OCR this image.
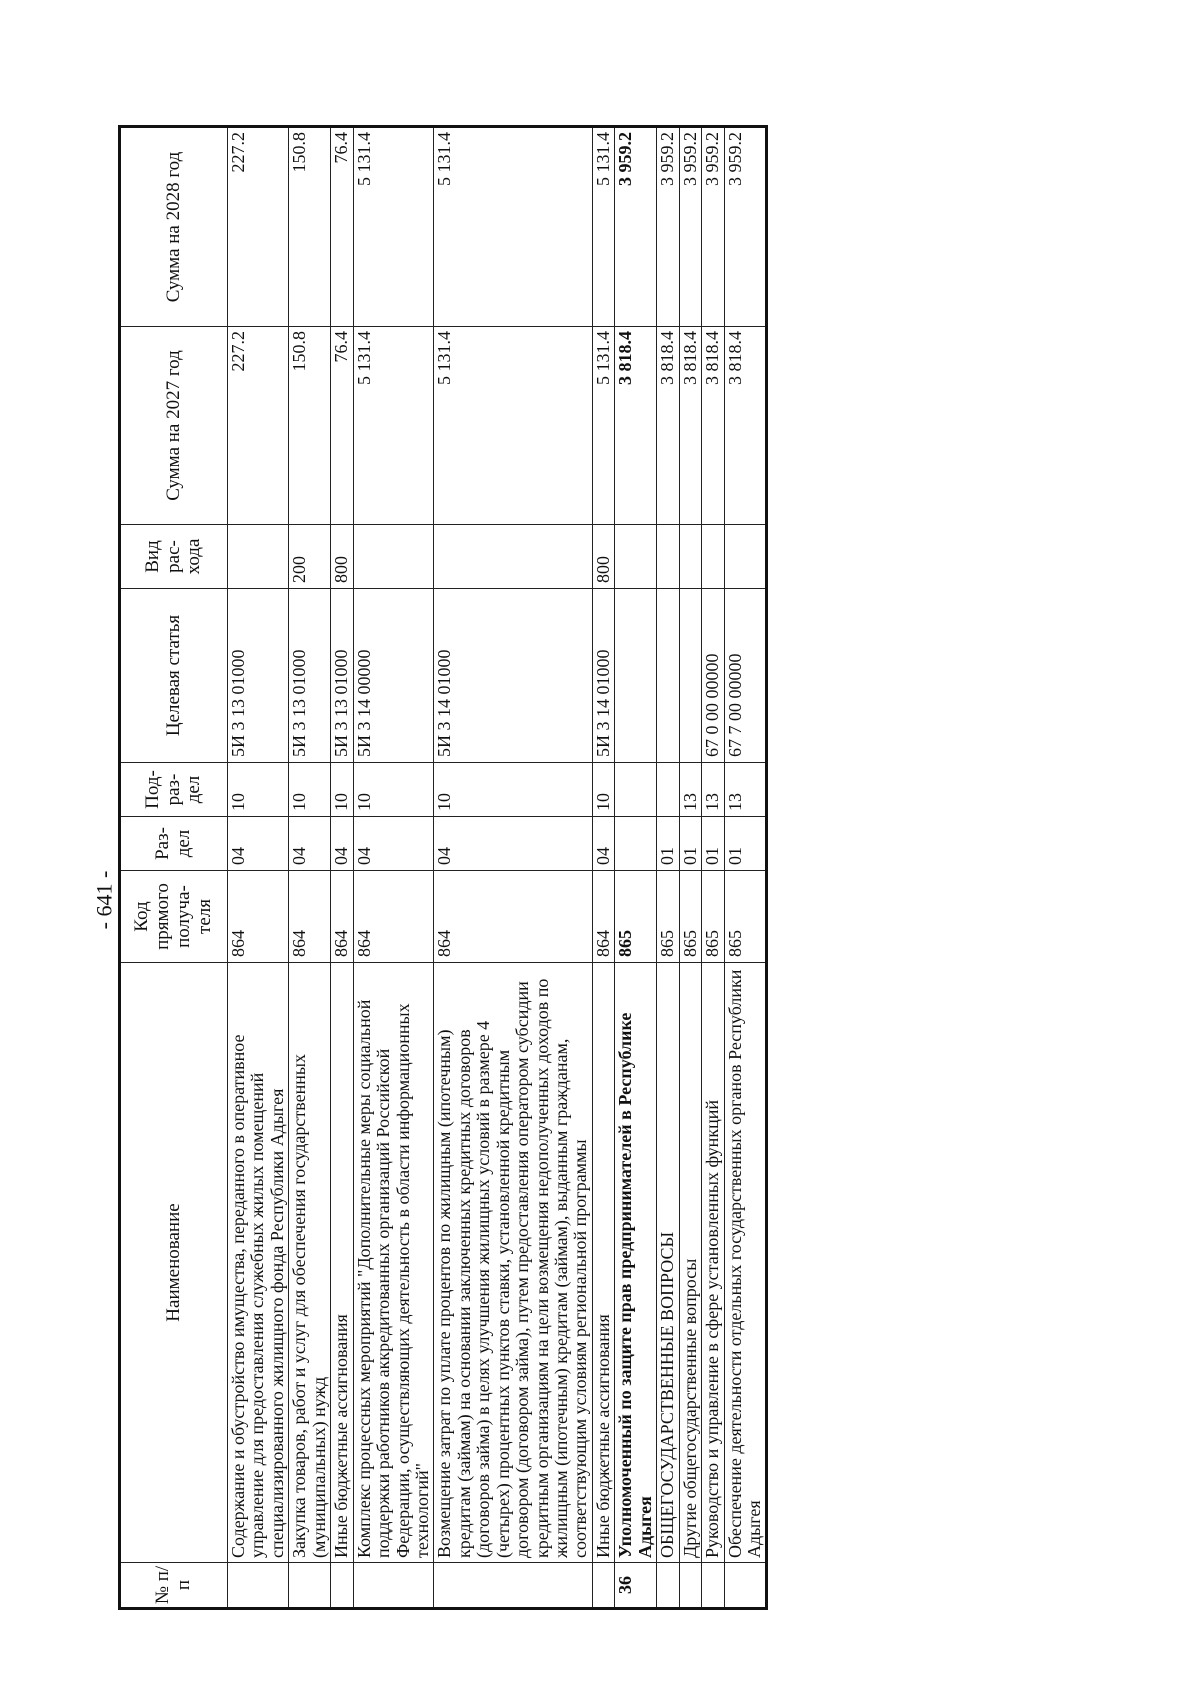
- 641 -
№ п/п	Наименование	Код прямого получа-теля	Раз-дел	Под-раз-дел	Целевая статья	Вид рас-хода	Сумма на 2027 год	Сумма на 2028 год
	Содержание и обустройство имущества, переданного в оперативное управление для предоставления служебных жилых помещений специализированного жилищного фонда Республики Адыгея	864	04	10	5И 3 13 01000		227.2	227.2
	Закупка товаров, работ и услуг для обеспечения государственных (муниципальных) нужд	864	04	10	5И 3 13 01000	200	150.8	150.8
	Иные бюджетные ассигнования	864	04	10	5И 3 13 01000	800	76.4	76.4
	Комплекс процессных мероприятий "Дополнительные меры социальной поддержки работников аккредитованных организаций Российской Федерации, осуществляющих деятельность в области информационных технологий"	864	04	10	5И 3 14 00000		5 131.4	5 131.4
	Возмещение затрат по уплате процентов по жилищным (ипотечным) кредитам (займам) на основании заключенных кредитных договоров (договоров займа) в целях улучшения жилищных условий в размере 4 (четырех) процентных пунктов ставки, установленной кредитным договором (договором займа), путем предоставления оператором субсидии кредитным организациям на цели возмещения недополученных доходов по жилищным (ипотечным) кредитам (займам), выданным гражданам, соответствующим условиям региональной программы	864	04	10	5И 3 14 01000		5 131.4	5 131.4
	Иные бюджетные ассигнования	864	04	10	5И 3 14 01000	800	5 131.4	5 131.4
36	Уполномоченный по защите прав предпринимателей в Республике Адыгея	865					3 818.4	3 959.2
	ОБЩЕГОСУДАРСТВЕННЫЕ ВОПРОСЫ	865	01				3 818.4	3 959.2
	Другие общегосударственные вопросы	865	01	13			3 818.4	3 959.2
	Руководство и управление в сфере установленных функций	865	01	13	67 0 00 00000		3 818.4	3 959.2
	Обеспечение деятельности отдельных государственных органов Республики Адыгея	865	01	13	67 7 00 00000		3 818.4	3 959.2
